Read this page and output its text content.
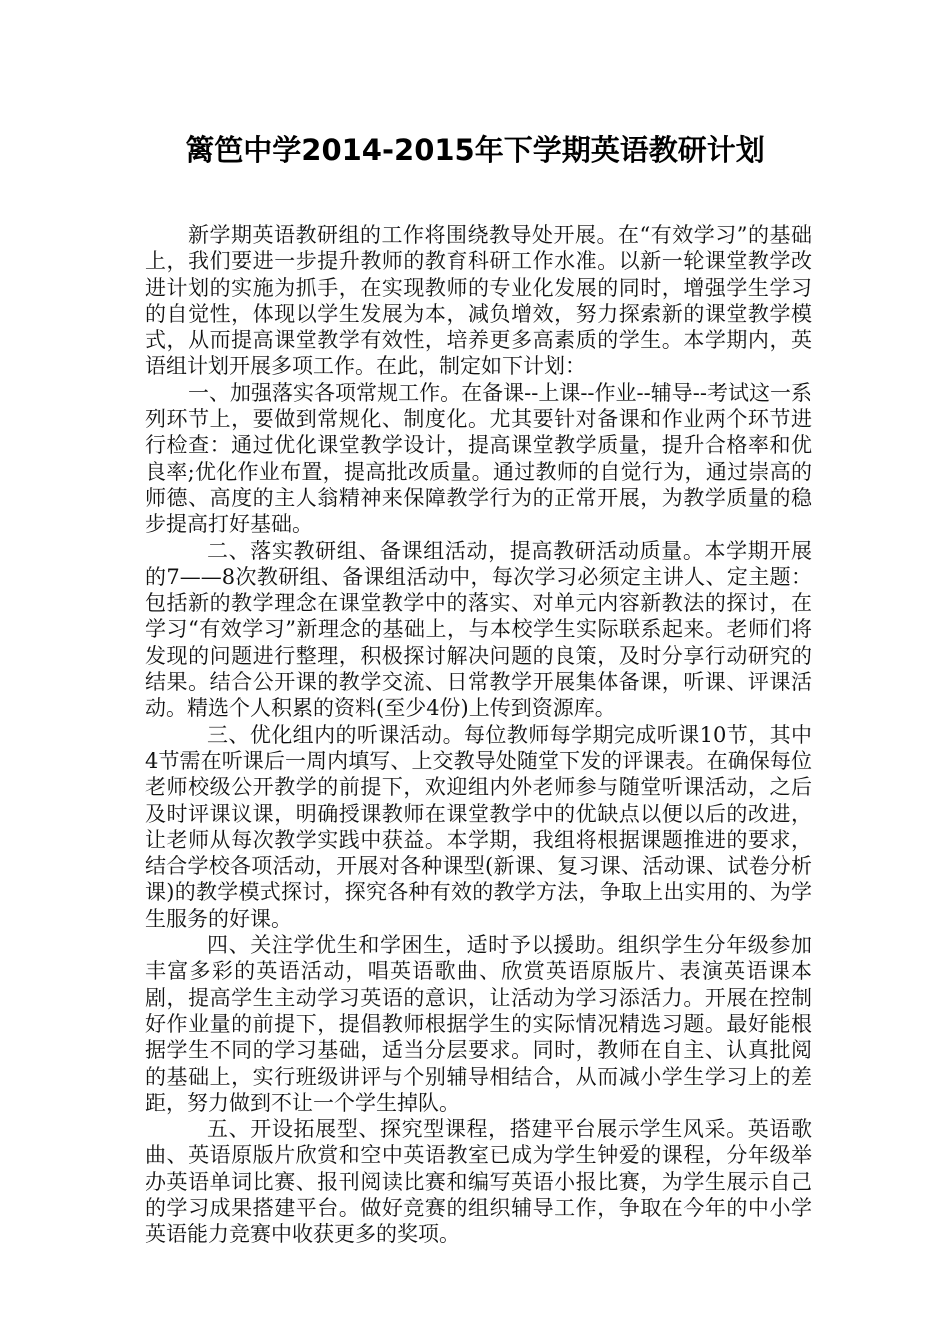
篱笆中学2014-2015年下学期英语教研计划

新学期英语教研组的工作将围绕教导处开展。在“有效学习”的基础上，我们要进一步提升教师的教育科研工作水准。以新一轮课堂教学改进计划的实施为抓手，在实现教师的专业化发展的同时，增强学生学习的自觉性，体现以学生发展为本，减负增效，努力探索新的课堂教学模式，从而提高课堂教学有效性，培养更多高素质的学生。本学期内，英语组计划开展多项工作。在此，制定如下计划：

一、加强落实各项常规工作。在备课--上课--作业--辅导--考试这一系列环节上，要做到常规化、制度化。尤其要针对备课和作业两个环节进行检查：通过优化课堂教学设计，提高课堂教学质量，提升合格率和优良率;优化作业布置，提高批改质量。通过教师的自觉行为，通过崇高的师德、高度的主人翁精神来保障教学行为的正常开展，为教学质量的稳步提高打好基础。

二、落实教研组、备课组活动，提高教研活动质量。本学期开展的7——8次教研组、备课组活动中，每次学习必须定主讲人、定主题：包括新的教学理念在课堂教学中的落实、对单元内容新教法的探讨，在学习“有效学习”新理念的基础上，与本校学生实际联系起来。老师们将发现的问题进行整理，积极探讨解决问题的良策，及时分享行动研究的结果。结合公开课的教学交流、日常教学开展集体备课，听课、评课活动。精选个人积累的资料(至少4份)上传到资源库。

三、优化组内的听课活动。每位教师每学期完成听课10节，其中4节需在听课后一周内填写、上交教导处随堂下发的评课表。在确保每位老师校级公开教学的前提下，欢迎组内外老师参与随堂听课活动，之后及时评课议课，明确授课教师在课堂教学中的优缺点以便以后的改进，让老师从每次教学实践中获益。本学期，我组将根据课题推进的要求，结合学校各项活动，开展对各种课型(新课、复习课、活动课、试卷分析课)的教学模式探讨，探究各种有效的教学方法，争取上出实用的、为学生服务的好课。

四、关注学优生和学困生，适时予以援助。组织学生分年级参加丰富多彩的英语活动，唱英语歌曲、欣赏英语原版片、表演英语课本剧，提高学生主动学习英语的意识，让活动为学习添活力。开展在控制好作业量的前提下，提倡教师根据学生的实际情况精选习题。最好能根据学生不同的学习基础，适当分层要求。同时，教师在自主、认真批阅的基础上，实行班级讲评与个别辅导相结合，从而减小学生学习上的差距，努力做到不让一个学生掉队。

五、开设拓展型、探究型课程，搭建平台展示学生风采。英语歌曲、英语原版片欣赏和空中英语教室已成为学生钟爱的课程，分年级举办英语单词比赛、报刊阅读比赛和编写英语小报比赛，为学生展示自己的学习成果搭建平台。做好竞赛的组织辅导工作，争取在今年的中小学英语能力竞赛中收获更多的奖项。
